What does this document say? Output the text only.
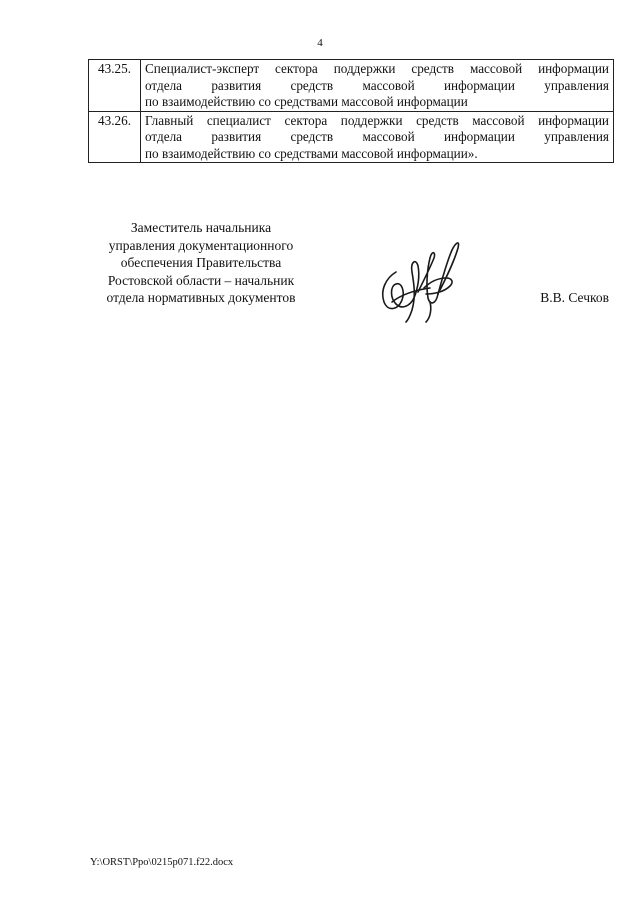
4
43.25.	Специалист-эксперт сектора поддержки средств массовой информации
отдела развития средств массовой информации управления
по взаимодействию со средствами массовой информации

43.26.	Главный специалист сектора поддержки средств массовой информации
отдела развития средств массовой информации управления
по взаимодействию со средствами массовой информации».
Заместитель начальника
управления документационного
обеспечения Правительства
Ростовской области – начальник
отдела нормативных документов	В.В. Сечков
Y:\ORST\Ppo\0215p071.f22.docx
